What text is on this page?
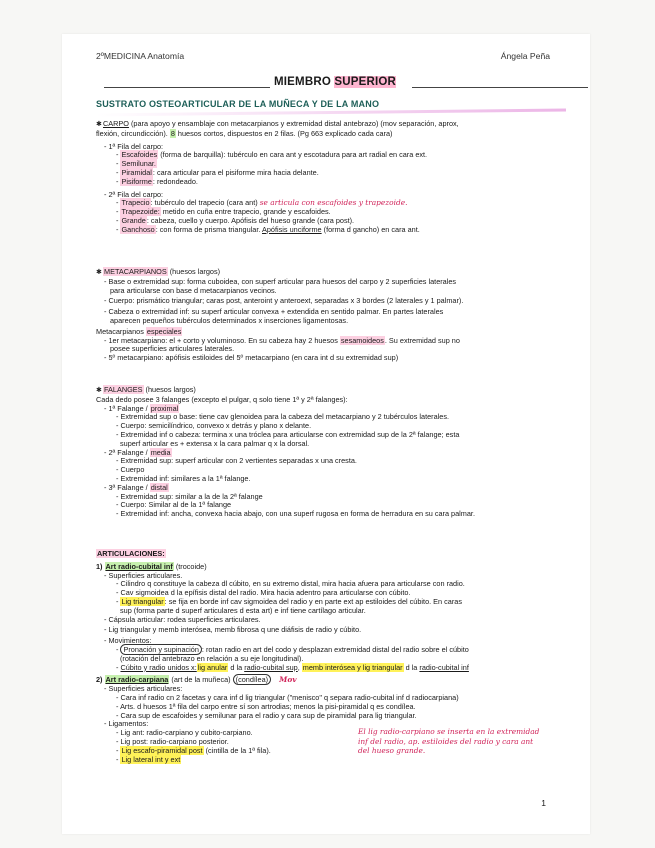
2ºMEDICINA Anatomía	Ángela Peña
MIEMBRO SUPERIOR
SUSTRATO OSTEOARTICULAR DE LA MUÑECA Y DE LA MANO
✱CARPO (para apoyo y ensamblaje con metacarpianos y extremidad distal antebrazo) (mov separación, aprox,
flexión, circundicción). 8 huesos cortos, dispuestos en 2 filas. (Pg 663 explicado cada cara)
- 1ª Fila del carpo:
- Escafoides (forma de barquilla): tubérculo en cara ant y escotadura para art radial en cara ext.
- Semilunar.
- Piramidal: cara articular para el pisiforme mira hacia delante.
- Pisiforme: redondeado.
- 2ª Fila del carpo:
- Trapecio: tubérculo del trapecio (cara ant) se articula con escafoides y trapezoide.
- Trapezoide: metido en cuña entre trapecio, grande y escafoides.
- Grande: cabeza, cuello y cuerpo. Apófisis del hueso grande (cara post).
- Ganchoso: con forma de prisma triangular. Apófisis unciforme (forma d gancho) en cara ant.
✱ METACARPIANOS (huesos largos)
- Base o extremidad sup: forma cuboidea, con superf articular para huesos del carpo y 2 superficies laterales
para articularse con base d metacarpianos vecinos.
- Cuerpo: prismático triangular; caras post, anteroint y anteroext, separadas x 3 bordes (2 laterales y 1 palmar).
- Cabeza o extremidad inf: su superf articular convexa + extendida en sentido palmar. En partes laterales
aparecen pequeños tubérculos determinados x inserciones ligamentosas.
Metacarpianos especiales
- 1er metacarpiano: el + corto y voluminoso. En su cabeza hay 2 huesos sesamoideos. Su extremidad sup no
posee superficies articulares laterales.
- 5º metacarpiano: apófisis estiloides del 5º metacarpiano (en cara int d su extremidad sup)
✱ FALANGES (huesos largos)
Cada dedo posee 3 falanges (excepto el pulgar, q solo tiene 1ª y 2ª falanges):
- 1ª Falange / proximal
- Extremidad sup o base: tiene cav glenoidea para la cabeza del metacarpiano y 2 tubérculos laterales.
- Cuerpo: semicilíndrico, convexo x detrás y plano x delante.
- Extremidad inf o cabeza: termina x una tróclea para articularse con extremidad sup de la 2ª falange; esta
superf articular es + extensa x la cara palmar q x la dorsal.
- 2ª Falange / media
- Extremidad sup: superf articular con 2 vertientes separadas x una cresta.
- Cuerpo
- Extremidad inf: similares a la 1ª falange.
- 3ª Falange / distal
- Extremidad sup: similar a la de la 2ª falange
- Cuerpo: Similar al de la 1ª falange
- Extremidad inf: ancha, convexa hacia abajo, con una superf rugosa en forma de herradura en su cara palmar.
ARTICULACIONES:
1) Art radio-cubital inf (trocoide)
- Superficies articulares.
- Cilindro q constituye la cabeza dl cúbito, en su extremo distal, mira hacia afuera para articularse con radio.
- Cav sigmoidea d la epífisis distal del radio. Mira hacia adentro para articularse con cúbito.
- Lig triangular: se fija en borde inf cav sigmoidea del radio y en parte ext ap estiloides del cúbito. En caras
sup (forma parte d superf articulares d esta art) e inf tiene cartílago articular.
- Cápsula articular: rodea superficies articulares.
- Lig triangular y memb interósea, memb fibrosa q une diáfisis de radio y cúbito.
- Movimientos:
- Pronación y supinación : rotan radio en art del codo y desplazan extremidad distal del radio sobre el cúbito
(rotación del antebrazo en relación a su eje longitudinal).
- Cúbito y radio unidos x:lig anular d la radio-cubital sup, memb interósea y lig triangular d la radio-cubital inf
2) Art radio-carpiana (art de la muñeca) (condílea) Mov
- Superficies articulares:
- Cara inf radio cn 2 facetas y cara inf d lig triangular ("menisco" q separa radio-cubital inf d radiocarpiana)
- Arts. d huesos 1ª fila del carpo entre sí son artrodias; menos la pisi-piramidal q es condílea.
- Cara sup de escafoides y semilunar para el radio y cara sup de piramidal para lig triangular.
- Ligamentos:
- Lig ant: radio-carpiano y cubito-carpiano.
- Lig post: radio-carpiano posterior.
- Lig escafo-piramidal post (cintilla de la 1ª fila).
- Lig lateral int y ext
El lig radio-carpiano se inserta en la extremidad
inf del radio, ap. estiloides del radio y cara ant
del hueso grande.
1
